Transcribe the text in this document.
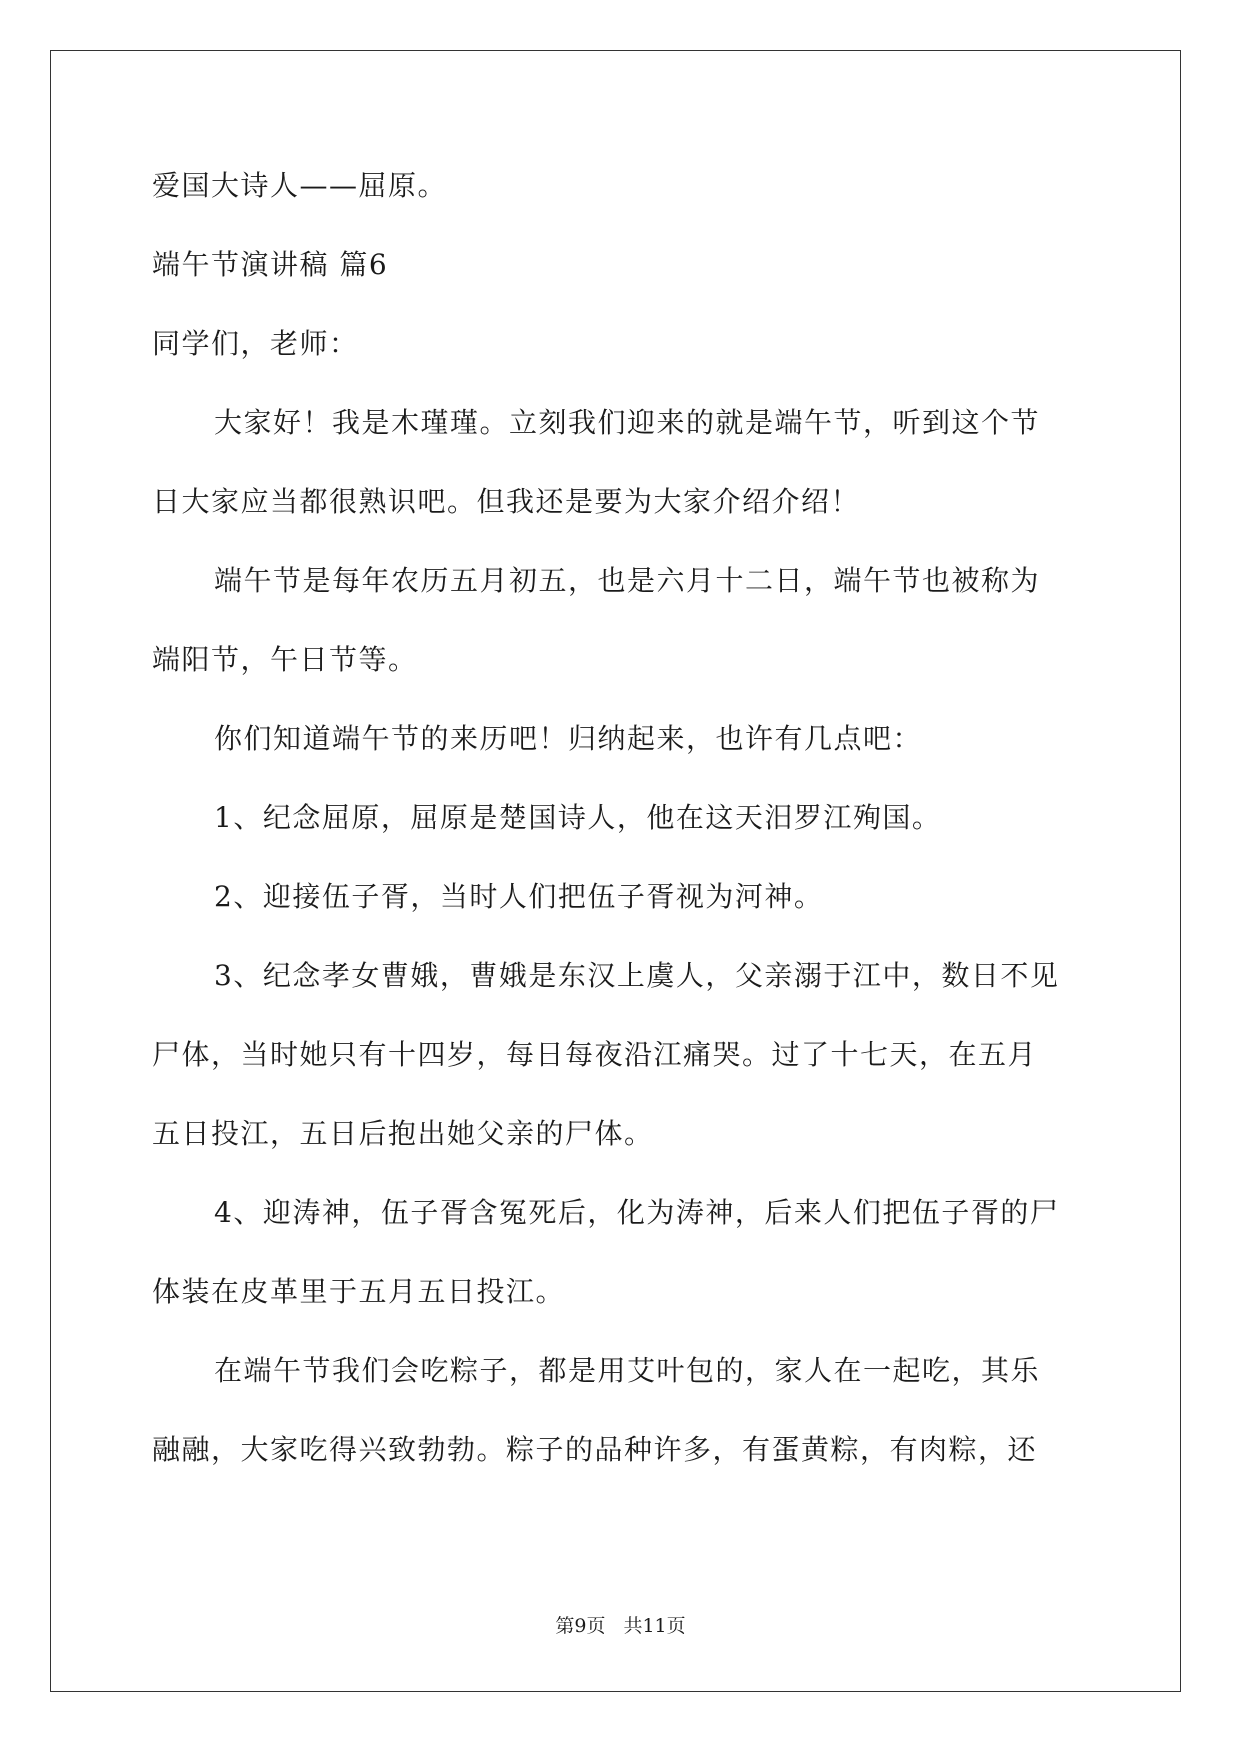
爱国大诗人——屈原。
端午节演讲稿 篇6
同学们，老师：
大家好！我是木瑾瑾。立刻我们迎来的就是端午节，听到这个节
日大家应当都很熟识吧。但我还是要为大家介绍介绍！
端午节是每年农历五月初五，也是六月十二日，端午节也被称为
端阳节，午日节等。
你们知道端午节的来历吧！归纳起来，也许有几点吧：
1、纪念屈原，屈原是楚国诗人，他在这天汨罗江殉国。
2、迎接伍子胥，当时人们把伍子胥视为河神。
3、纪念孝女曹娥，曹娥是东汉上虞人，父亲溺于江中，数日不见
尸体，当时她只有十四岁，每日每夜沿江痛哭。过了十七天，在五月
五日投江，五日后抱出她父亲的尸体。
4、迎涛神，伍子胥含冤死后，化为涛神，后来人们把伍子胥的尸
体装在皮革里于五月五日投江。
在端午节我们会吃粽子，都是用艾叶包的，家人在一起吃，其乐
融融，大家吃得兴致勃勃。粽子的品种许多，有蛋黄粽，有肉粽，还
第9页 共11页
